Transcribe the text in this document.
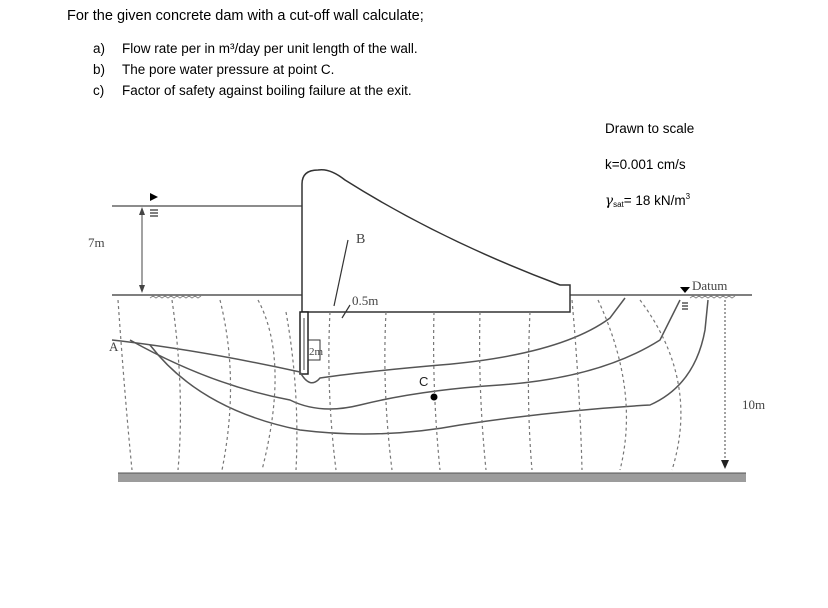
For the given concrete dam with a cut-off wall calculate;
a) Flow rate per in m³/day per unit length of the wall.
b) The pore water pressure at point C.
c) Factor of safety against boiling failure at the exit.
Drawn to scale
k=0.001 cm/s
$\gamma_{sat}= 18$ $kN/m^3$
7m
10m
Datum
A
B
C
0.5m
2m
